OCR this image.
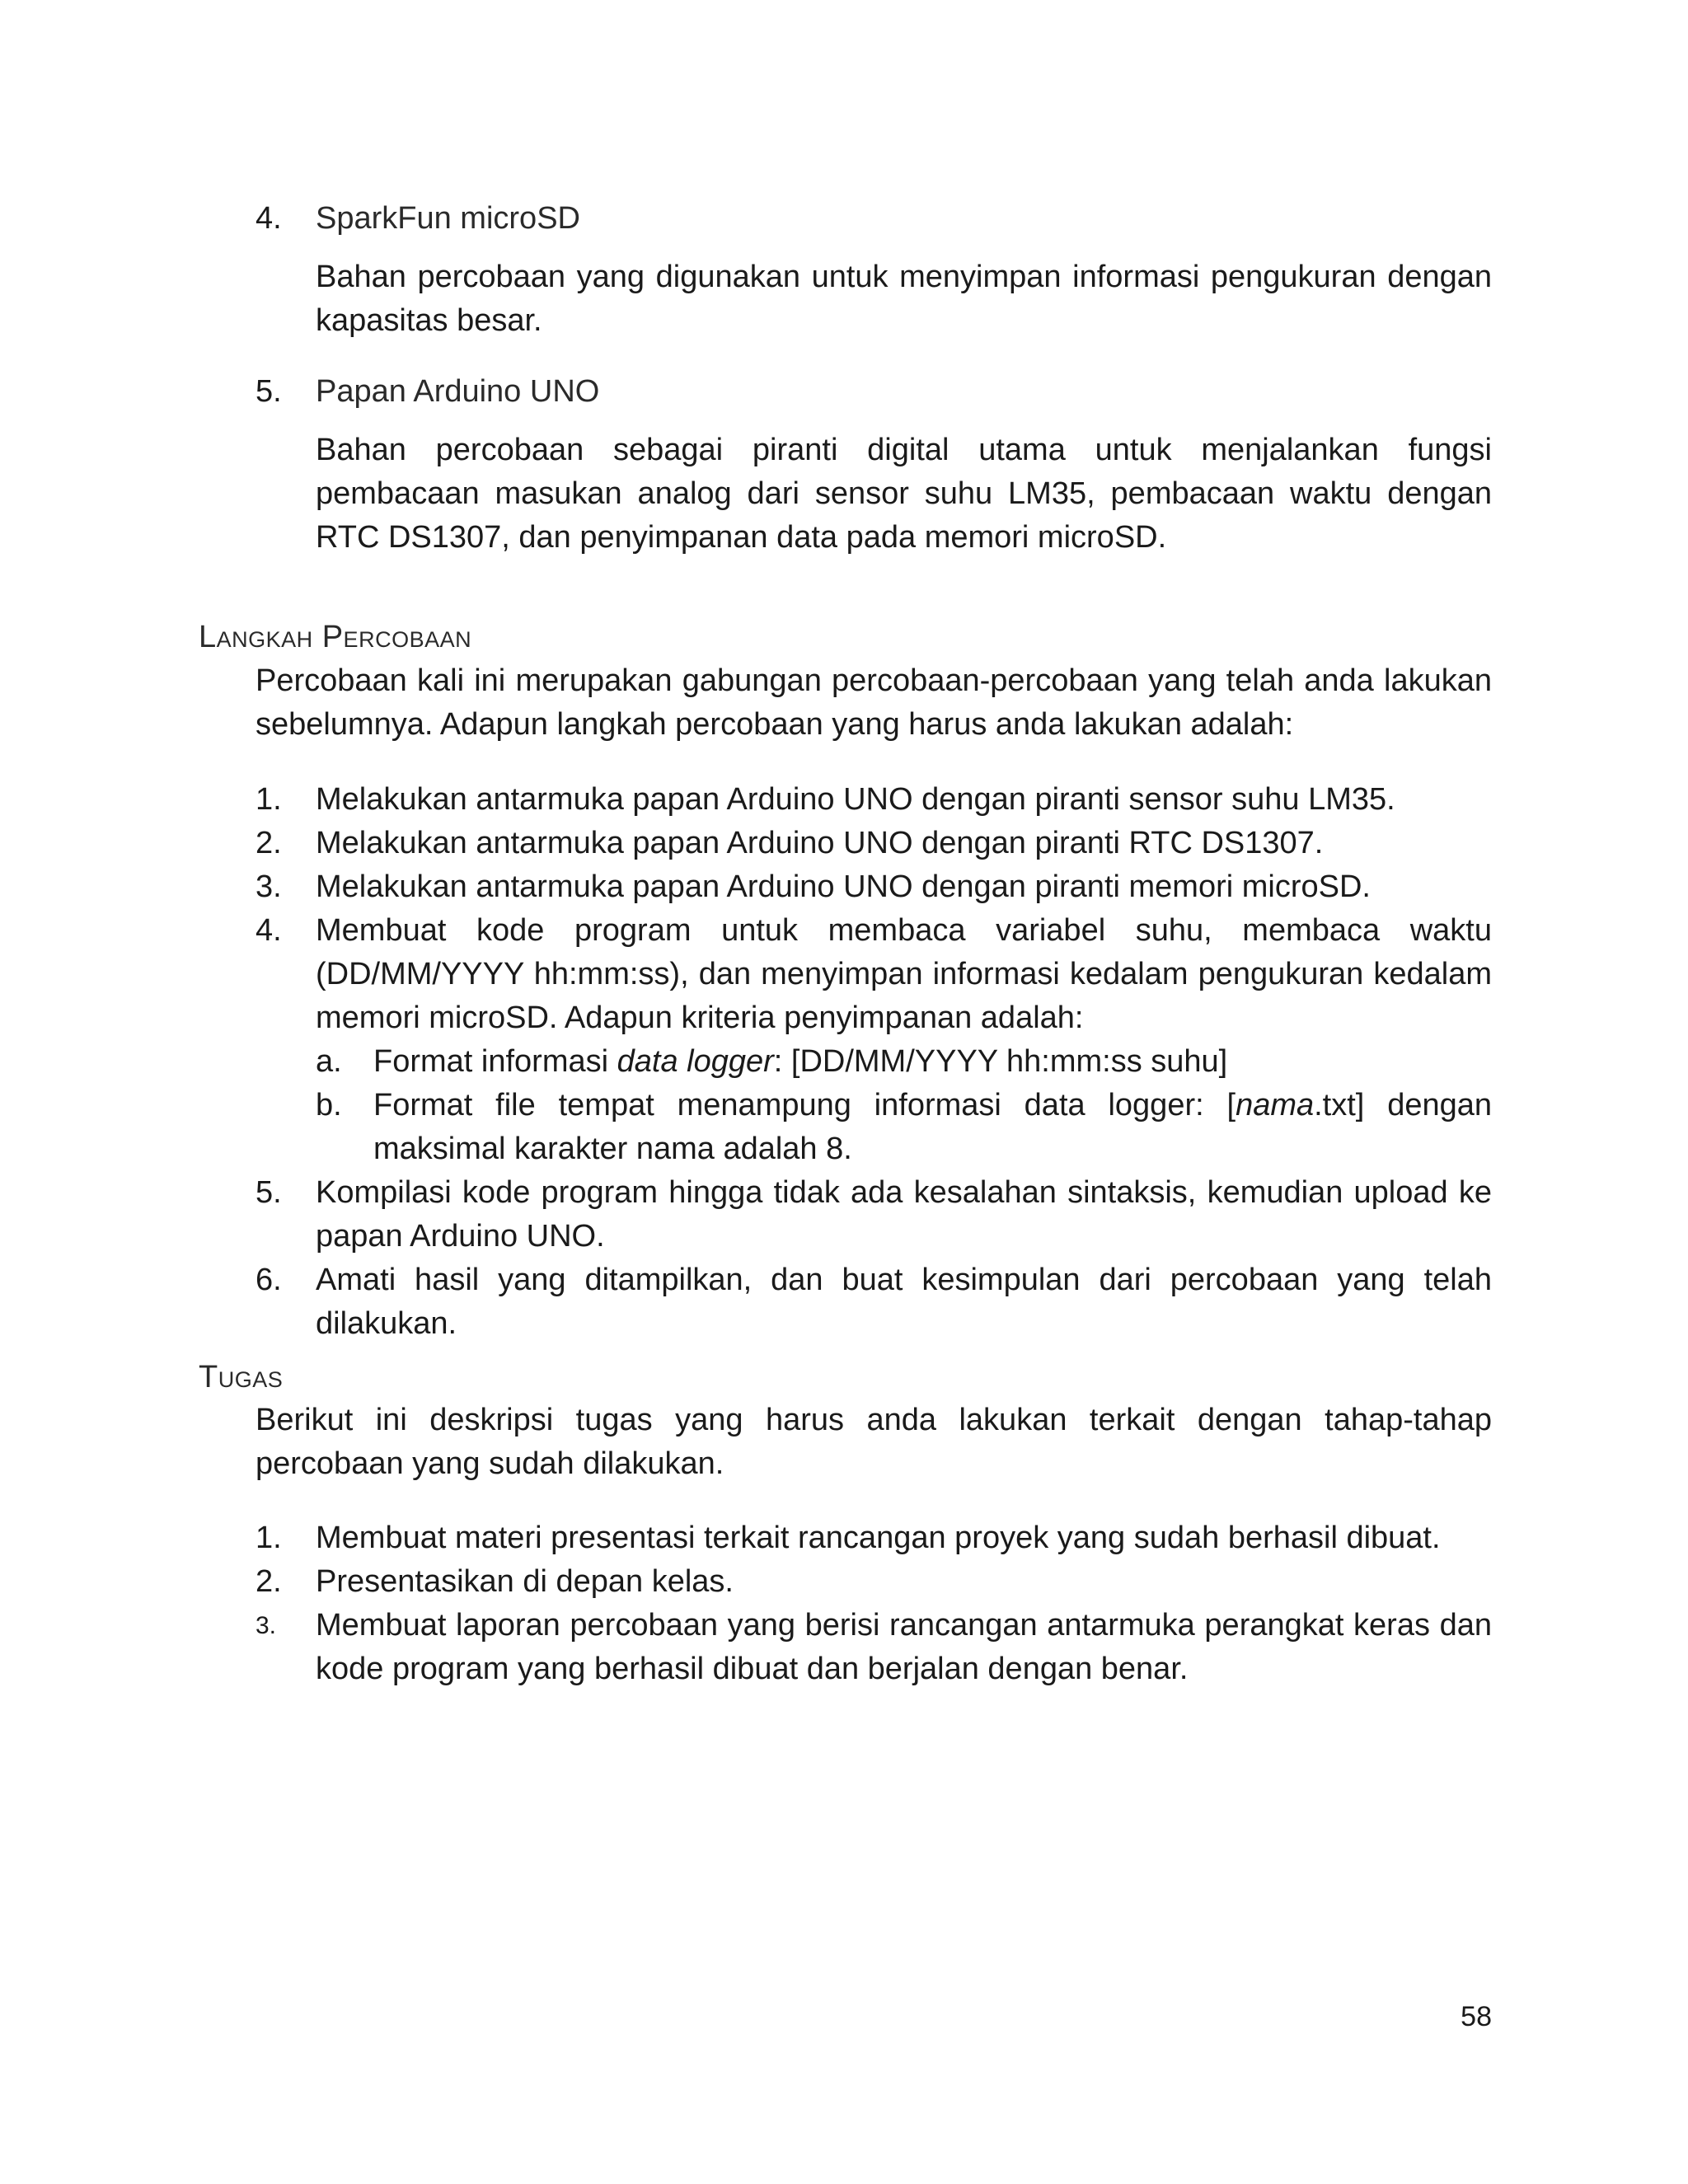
4. SparkFun microSD
Bahan percobaan yang digunakan untuk menyimpan informasi pengukuran dengan kapasitas besar.
5. Papan Arduino UNO
Bahan percobaan sebagai piranti digital utama untuk menjalankan fungsi pembacaan masukan analog dari sensor suhu LM35, pembacaan waktu dengan RTC DS1307, dan penyimpanan data pada memori microSD.
Langkah Percobaan
Percobaan kali ini merupakan gabungan percobaan-percobaan yang telah anda lakukan sebelumnya. Adapun langkah percobaan yang harus anda lakukan adalah:
1. Melakukan antarmuka papan Arduino UNO dengan piranti sensor suhu LM35.
2. Melakukan antarmuka papan Arduino UNO dengan piranti RTC DS1307.
3. Melakukan antarmuka papan Arduino UNO dengan piranti memori microSD.
4. Membuat kode program untuk membaca variabel suhu, membaca waktu (DD/MM/YYYY hh:mm:ss), dan menyimpan informasi kedalam pengukuran kedalam memori microSD. Adapun kriteria penyimpanan adalah:
a. Format informasi data logger: [DD/MM/YYYY hh:mm:ss suhu]
b. Format file tempat menampung informasi data logger: [nama.txt] dengan maksimal karakter nama adalah 8.
5. Kompilasi kode program hingga tidak ada kesalahan sintaksis, kemudian upload ke papan Arduino UNO.
6. Amati hasil yang ditampilkan, dan buat kesimpulan dari percobaan yang telah dilakukan.
Tugas
Berikut ini deskripsi tugas yang harus anda lakukan terkait dengan tahap-tahap percobaan yang sudah dilakukan.
1. Membuat materi presentasi terkait rancangan proyek yang sudah berhasil dibuat.
2. Presentasikan di depan kelas.
3. Membuat laporan percobaan yang berisi rancangan antarmuka perangkat keras dan kode program yang berhasil dibuat dan berjalan dengan benar.
58
